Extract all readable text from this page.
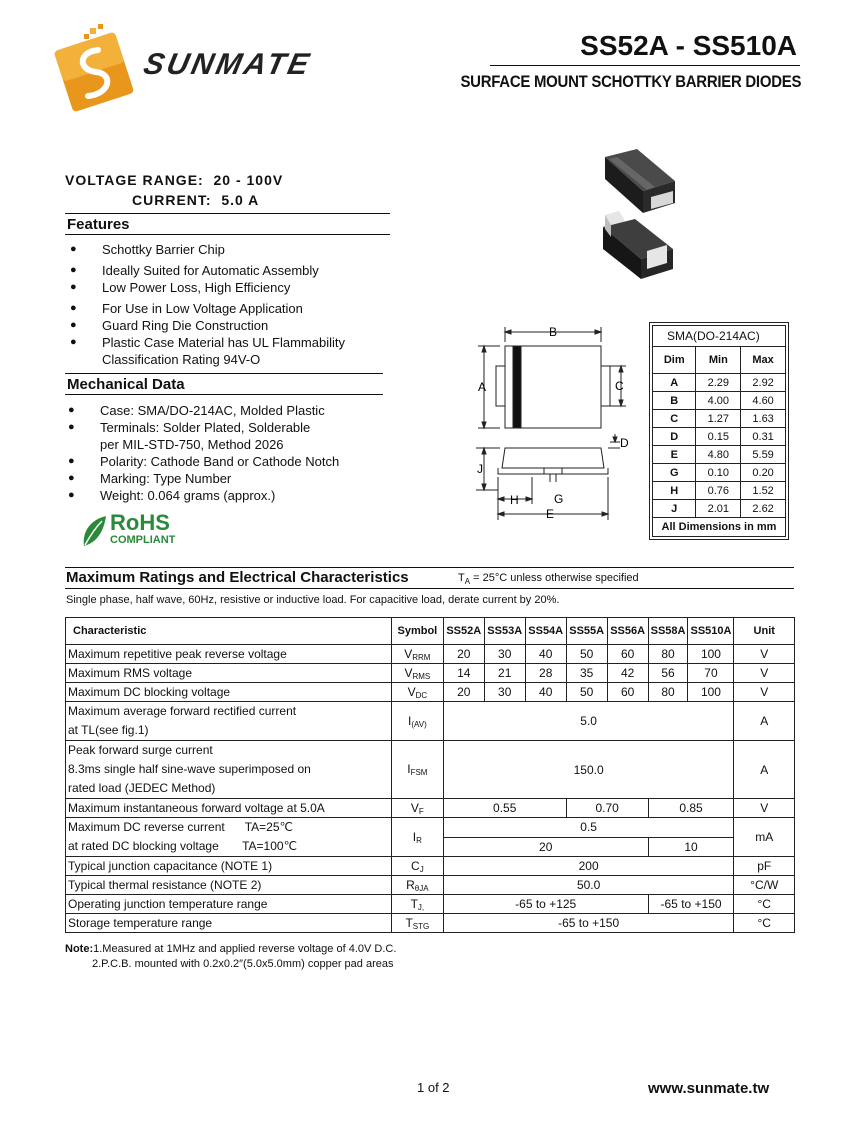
SUNMATE
SS52A - SS510A
SURFACE MOUNT SCHOTTKY BARRIER DIODES
VOLTAGE RANGE: 20 - 100V
CURRENT: 5.0 A
Features
● Schottky Barrier Chip
● Ideally Suited for Automatic Assembly
● Low Power Loss, High Efficiency
● For Use in Low Voltage Application
● Guard Ring Die Construction
● Plastic Case Material has UL Flammability
Classification Rating 94V-O
Mechanical Data
● Case: SMA/DO-214AC, Molded Plastic
● Terminals: Solder Plated, Solderable
per MIL-STD-750, Method 2026
● Polarity: Cathode Band or Cathode Notch
● Marking: Type Number
● Weight: 0.064 grams (approx.)
RoHS
COMPLIANT
B
A	C
D
J
H	G
E
SMA(DO-214AC)		
Dim	Min	Max
A	2.29	2.92
B	4.00	4.60
C	1.27	1.63
D	0.15	0.31
E	4.80	5.59
G	0.10	0.20
H	0.76	1.52
J	2.01	2.62
All Dimensions in mm		
Maximum Ratings and Electrical Characteristics	$T_A = 25^\circ C$ unless otherwise specified
Single phase, half wave, 60Hz, resistive or inductive load. For capacitive load, derate current by 20%.
Characteristic	Symbol	SS52A	SS53A	SS54A	SS55A	SS56A	SS58A	SS510A	Unit
Maximum repetitive peak reverse voltage	$V_{RRM}$	20	30	40	50	60	80	100	V
Maximum RMS voltage	$V_{RMS}$	14	21	28	35	42	56	70	V
Maximum DC blocking voltage	$V_{DC}$	20	30	40	50	60	80	100	V
Maximum average forward rectified current
at TL(see fig.1)	$I_{(AV)}$	5.0							A
Peak forward surge current
8.3ms single half sine-wave superimposed on
rated load (JEDEC Method)	$I_{FSM}$	150.0							A
Maximum instantaneous forward voltage at 5.0A	$V_F$	0.55			0.70		0.85		V
Maximum DC reverse current TA=25℃
at rated DC blocking voltage TA=100℃	$I_R$	0.5							mA
		20					10		
Typical junction capacitance (NOTE 1)	$C_J$	200							pF
Typical thermal resistance (NOTE 2)	$R_{\theta JA}$	50.0							°C/W
Operating junction temperature range	$T_{J,}$	-65 to +125					-65 to +150		°C
Storage temperature range	$T_{STG}$	-65 to +150							°C
Note:1.Measured at 1MHz and applied reverse voltage of 4.0V D.C.
2.P.C.B. mounted with 0.2x0.2″(5.0x5.0mm) copper pad areas
1 of 2	www.sunmate.tw
